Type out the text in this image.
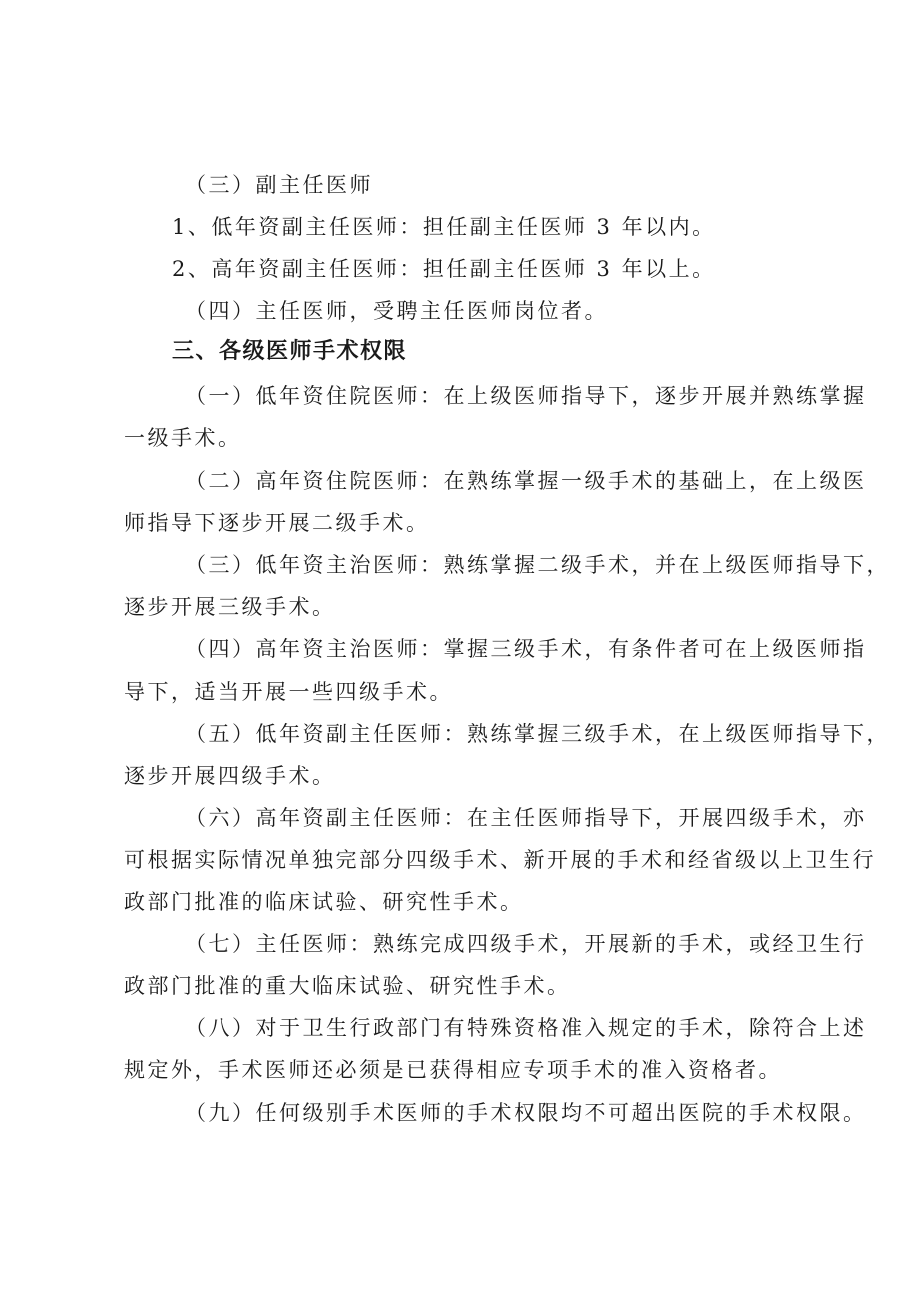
（三）副主任医师
1、低年资副主任医师：担任副主任医师 3 年以内。
2、高年资副主任医师：担任副主任医师 3 年以上。
（四）主任医师，受聘主任医师岗位者。
三、各级医师手术权限
（一）低年资住院医师：在上级医师指导下，逐步开展并熟练掌握
一级手术。
（二）高年资住院医师：在熟练掌握一级手术的基础上，在上级医
师指导下逐步开展二级手术。
（三）低年资主治医师：熟练掌握二级手术，并在上级医师指导下，
逐步开展三级手术。
（四）高年资主治医师：掌握三级手术，有条件者可在上级医师指
导下，适当开展一些四级手术。
（五）低年资副主任医师：熟练掌握三级手术，在上级医师指导下，
逐步开展四级手术。
（六）高年资副主任医师：在主任医师指导下，开展四级手术，亦
可根据实际情况单独完部分四级手术、新开展的手术和经省级以上卫生行
政部门批准的临床试验、研究性手术。
（七）主任医师：熟练完成四级手术，开展新的手术，或经卫生行
政部门批准的重大临床试验、研究性手术。
（八）对于卫生行政部门有特殊资格准入规定的手术，除符合上述
规定外，手术医师还必须是已获得相应专项手术的准入资格者。
（九）任何级别手术医师的手术权限均不可超出医院的手术权限。
